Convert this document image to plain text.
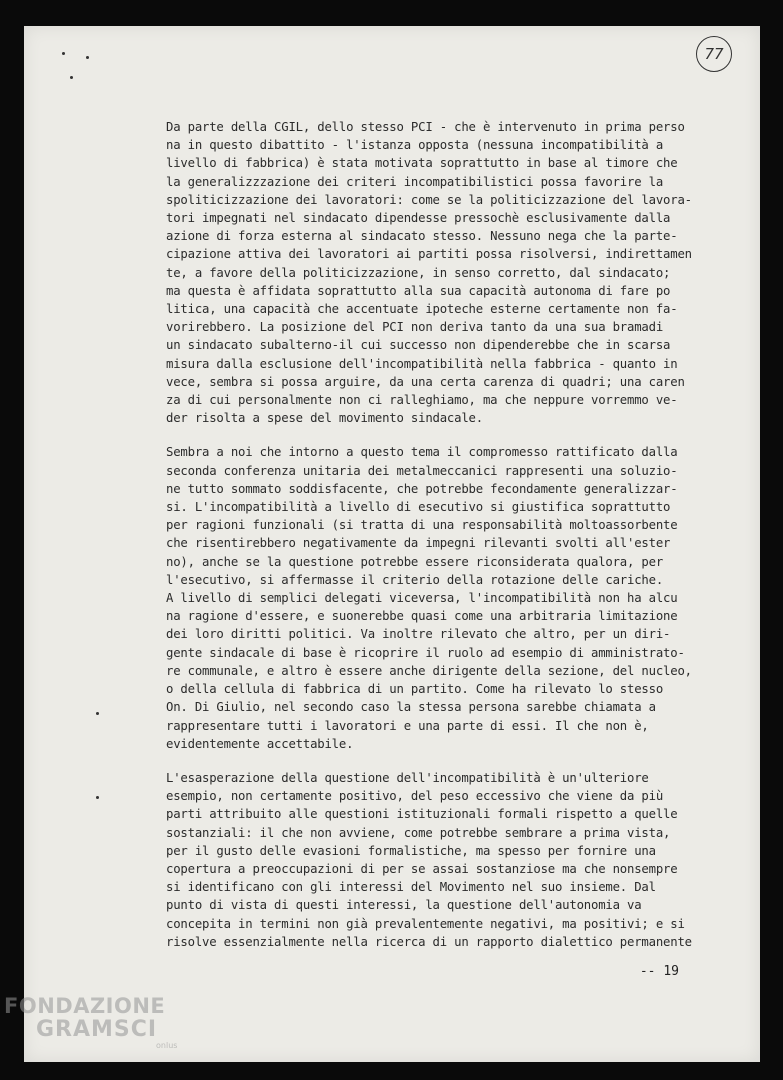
77
Da parte della CGIL, dello stesso PCI - che è intervenuto in prima perso
na in questo dibattito - l'istanza opposta (nessuna incompatibilità a
livello di fabbrica) è stata motivata soprattutto in base al timore che
la generalizzzazione dei criteri incompatibilistici possa favorire la
spoliticizzazione dei lavoratori: come se la politicizzazione del lavora-
tori impegnati nel sindacato dipendesse pressochè esclusivamente dalla
azione di forza esterna al sindacato stesso. Nessuno nega che la parte-
cipazione attiva dei lavoratori ai partiti possa risolversi, indirettamen
te, a favore della politicizzazione, in senso corretto, dal sindacato;
ma questa è affidata soprattutto alla sua capacità autonoma di fare po
litica, una capacità che accentuate ipoteche esterne certamente non fa-
vorirebbero. La posizione del PCI non deriva tanto da una sua bramadi
un sindacato subalterno-il cui successo non dipenderebbe che in scarsa
misura dalla esclusione dell'incompatibilità nella fabbrica - quanto in
vece, sembra si possa arguire, da una certa carenza di quadri; una caren
za di cui personalmente non ci ralleghiamo, ma che neppure vorremmo ve-
der risolta a spese del movimento sindacale.
Sembra a noi che intorno a questo tema il compromesso rattificato dalla
seconda conferenza unitaria dei metalmeccanici rappresenti una soluzio-
ne tutto sommato soddisfacente, che potrebbe fecondamente generalizzar-
si. L'incompatibilità a livello di esecutivo si giustifica soprattutto
per ragioni funzionali (si tratta di una responsabilità moltoassorbente
che risentirebbero negativamente da impegni rilevanti svolti all'ester
no), anche se la questione potrebbe essere riconsiderata qualora, per
l'esecutivo, si affermasse il criterio della rotazione delle cariche.
A livello di semplici delegati viceversa, l'incompatibilità non ha alcu
na ragione d'essere, e suonerebbe quasi come una arbitraria limitazione
dei loro diritti politici. Va inoltre rilevato che altro, per un diri-
gente sindacale di base è ricoprire il ruolo ad esempio di amministrato-
re communale, e altro è essere anche dirigente della sezione, del nucleo,
o della cellula di fabbrica di un partito. Come ha rilevato lo stesso
On. Di Giulio, nel secondo caso la stessa persona sarebbe chiamata a
rappresentare tutti i lavoratori e una parte di essi. Il che non è,
evidentemente accettabile.
L'esasperazione della questione dell'incompatibilità è un'ulteriore
esempio, non certamente positivo, del peso eccessivo che viene da più
parti attribuito alle questioni istituzionali formali rispetto a quelle
sostanziali: il che non avviene, come potrebbe sembrare a prima vista,
per il gusto delle evasioni formalistiche, ma spesso per fornire una
copertura a preoccupazioni di per se assai sostanziose ma che nonsempre
si identificano con gli interessi del Movimento nel suo insieme. Dal
punto di vista di questi interessi, la questione dell'autonomia va
concepita in termini non già prevalentemente negativi, ma positivi; e si
risolve essenzialmente nella ricerca di un rapporto dialettico permanente
-- 19
FONDAZIONE
GRAMSCI
onlus
